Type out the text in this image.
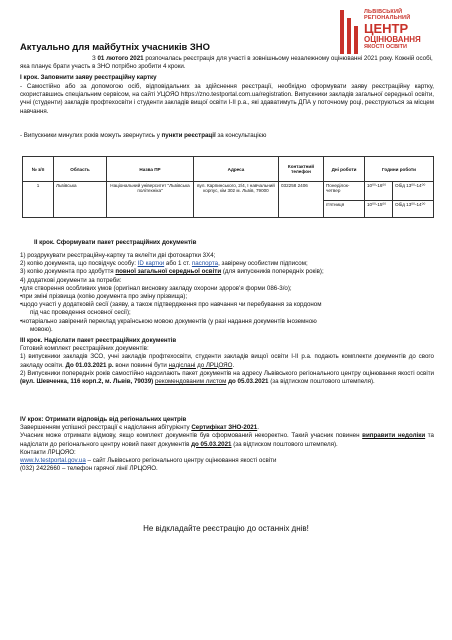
ЛЬВІВСЬКИЙ
РЕГІОНАЛЬНИЙ
ЦЕНТР
ОЦІНЮВАННЯ
ЯКОСТІ ОСВІТИ
Актуально для майбутніх учасників ЗНО
З 01 лютого 2021 розпочалась реєстрація для участі в зовнішньому незалежному оцінюванні 2021 року. Кожній особі, яка планує брати участь в ЗНО потрібно зробити 4 кроки.
І крок. Заповнити заяву реєстраційну картку
- Самостійно або за допомогою осіб, відповідальних за здійснення реєстрації, необхідно сформувати заяву реєстраційну картку, скориставшись спеціальним сервісом, на сайті УЦОЯО https://zno.testportal.com.ua/registration. Випускники закладів загальної середньої освіти, учні (студенти) закладів профтехосвіти і студенти закладів вищої освіти І-ІІ р.а., які здаватимуть ДПА у поточному році, реєструються за місцем навчання.
- Випускники минулих років можуть звернутись у пункти реєстрації за консультацією
№ з/п	Область	Назва ПР	Адреса	Контактний телефон	Дні роботи	Години роботи	
1	Львівська	Національний університет "Львівська політехніка"	вул. Карпинського, 2/4, І навчальний корпус, кім 302 м. Львів, 79000	032258 2406	Понеділок-четвер	10⁰⁰-16⁰⁰	Обід 13⁰⁰-14⁰⁰
					п'ятниця	10⁰⁰-15⁰⁰	Обід 13⁰⁰-14⁰⁰
ІІ крок. Сформувати пакет реєстраційних документів
1) роздрукувати реєстраційну-картку та вклеїти дві фотокартки 3Х4;
2) копію документа, що посвідчує особу: ID картки або 1 ст. паспорта, завірену особистим підписом;
3) копію документа про здобуття повної загальної середньої освіти (для випускників попередніх років);
4) додаткові документи за потреби:
•для створення особливих умов (оригінал висновку закладу охорони здоров’я форми 086-3/о);
•при зміні прізвища (копію документа про зміну прізвища);
•щодо участі у додатковій сесії (заяву, а також підтвердження про навчання чи перебування за кордоном
під час проведення основної сесії);
•нотаріально завірений переклад українською мовою документів (у разі надання документів іноземною
мовою).
ІІІ крок. Надіслати пакет реєстраційних документів
Готовий комплект реєстраційних документів:
1) випускники закладів ЗСО, учні закладів профтехосвіти, студенти закладів вищої освіти І-ІІ р.а. подають комплекти документів до свого закладу освіти. До 01.03.2021 р. вони повинні бути надіслані до ЛРЦОЯО.
2) Випускники попередніх років самостійно надсилають пакет документів на адресу Львівського регіонального центру оцінювання якості освіти (вул. Шевченка, 116 корп.2, м. Львів, 79039) рекомендованим листом до 05.03.2021 (за відтиском поштового штемпеля).
IV крок: Отримати відповідь від регіональних центрів
Завершенням успішної реєстрації є надіслання абітурієнту Сертифікат ЗНО-2021.
Учасник може отримати відмову, якщо комплект документів був сформований некоректно. Такий учасник повинен виправити недоліки та надіслати до регіонального центру новий пакет документів до 05.03.2021 (за відтиском поштового штемпеля).
Контакти ЛРЦОЯО:
www.lv.testportal.gov.ua – сайт Львівського регіонального центру оцінювання якості освіти
(032) 2422660 – телефон гарячої лінії ЛРЦОЯО.
Не відкладайте реєстрацію до останніх днів!
